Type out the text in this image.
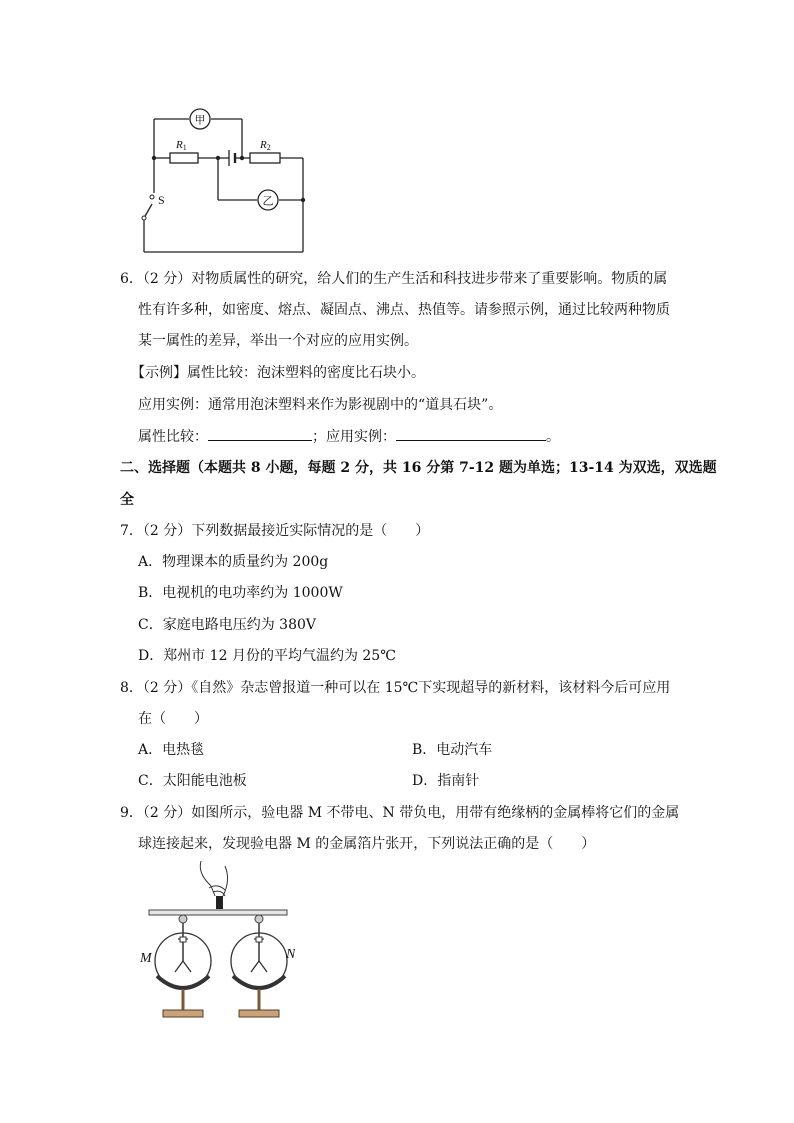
甲
乙
R1	R2
S
6．（2 分）对物质属性的研究，给人们的生产生活和科技进步带来了重要影响。物质的属
性有许多种，如密度、熔点、凝固点、沸点、热值等。请参照示例，通过比较两种物质
某一属性的差异，举出一个对应的应用实例。
【示例】属性比较：泡沫塑料的密度比石块小。
应用实例：通常用泡沫塑料来作为影视剧中的“道具石块”。
属性比较：	；应用实例：	。
二、选择题（本题共 8 小题，每题 2 分，共 16 分第 7-12 题为单选；13-14 为双选，双选题
全
7．（2 分）下列数据最接近实际情况的是（　　）
A．物理课本的质量约为 200g
B．电视机的电功率约为 1000W
C．家庭电路电压约为 380V
D．郑州市 12 月份的平均气温约为 25℃
8．（2 分）《自然》杂志曾报道一种可以在 15℃下实现超导的新材料，该材料今后可应用
在（　　）
A．电热毯	B．电动汽车
C．太阳能电池板	D．指南针
9．（2 分）如图所示，验电器 M 不带电、N 带负电，用带有绝缘柄的金属棒将它们的金属
球连接起来，发现验电器 M 的金属箔片张开，下列说法正确的是（　　）
M	N
